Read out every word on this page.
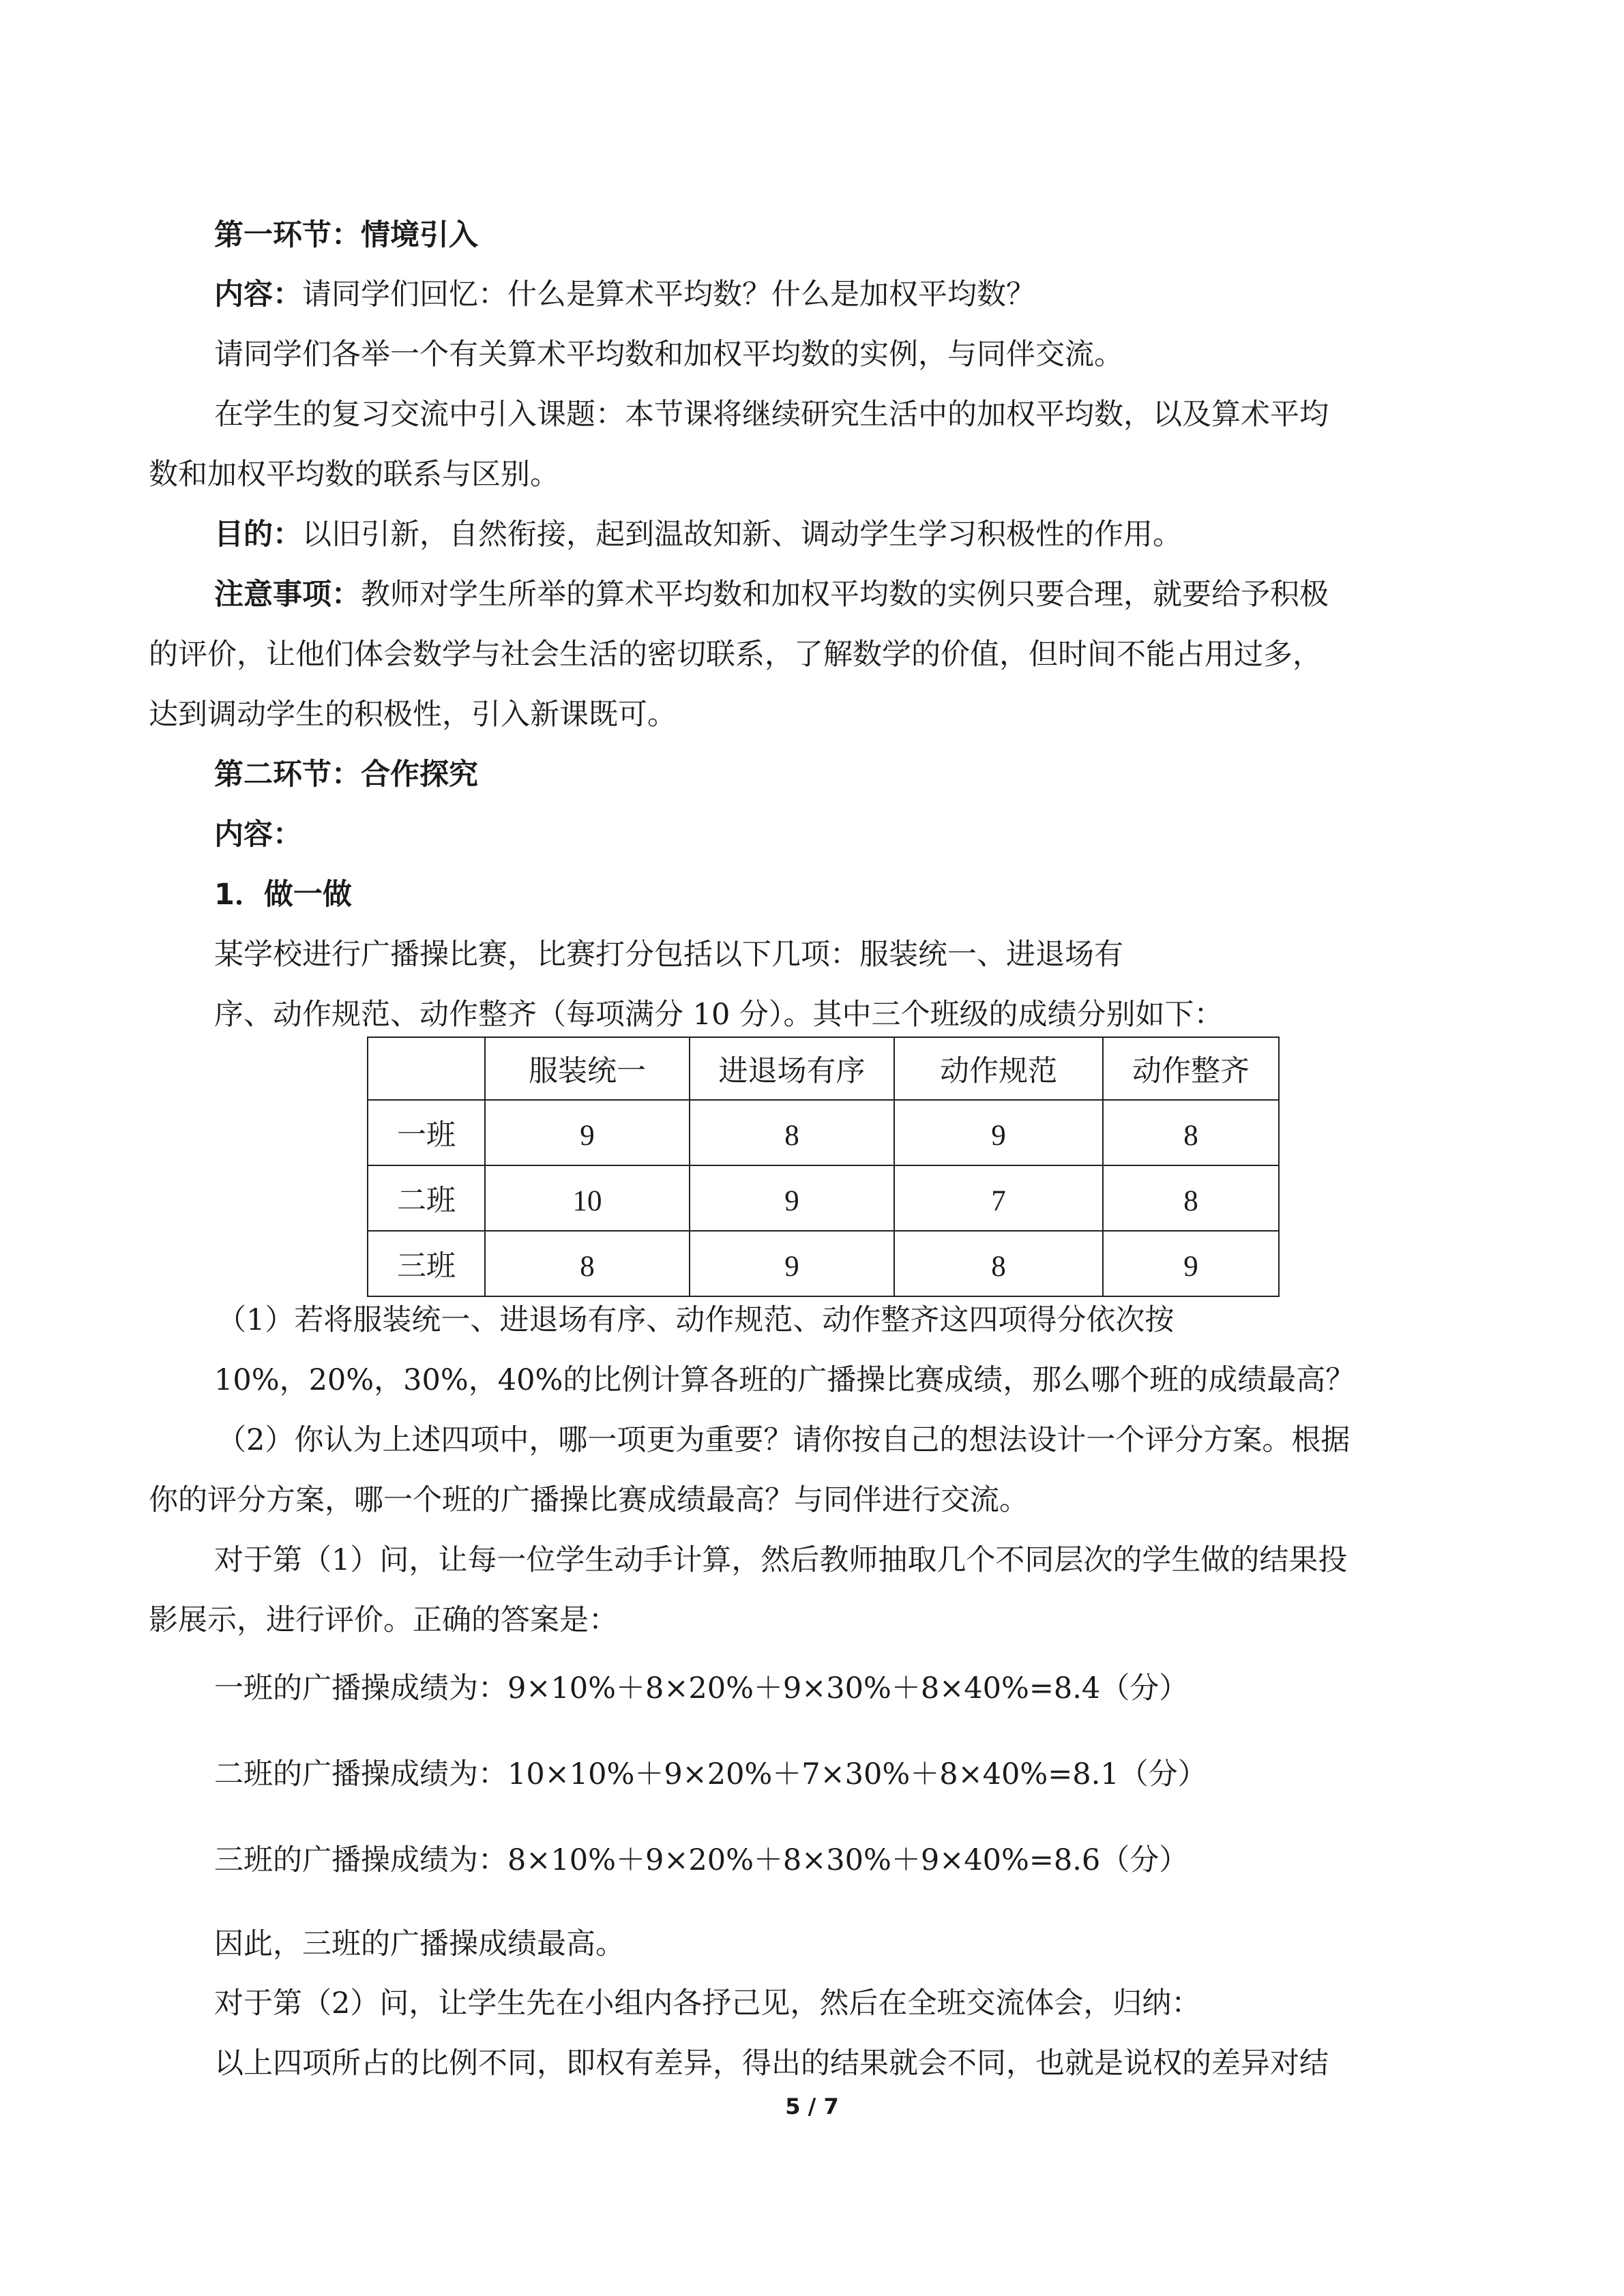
第一环节：情境引入
内容：请同学们回忆：什么是算术平均数？什么是加权平均数？
请同学们各举一个有关算术平均数和加权平均数的实例，与同伴交流。
在学生的复习交流中引入课题：本节课将继续研究生活中的加权平均数，以及算术平均
数和加权平均数的联系与区别。
目的：以旧引新，自然衔接，起到温故知新、调动学生学习积极性的作用。
注意事项：教师对学生所举的算术平均数和加权平均数的实例只要合理，就要给予积极
的评价，让他们体会数学与社会生活的密切联系，了解数学的价值，但时间不能占用过多，
达到调动学生的积极性，引入新课既可。
第二环节：合作探究
内容：
1．做一做
某学校进行广播操比赛，比赛打分包括以下几项：服装统一、进退场有
序、动作规范、动作整齐（每项满分 10 分）。其中三个班级的成绩分别如下：
	服装统一	进退场有序	动作规范	动作整齐
一班	9	8	9	8
二班	10	9	7	8
三班	8	9	8	9
（1）若将服装统一、进退场有序、动作规范、动作整齐这四项得分依次按
10%，20%，30%，40%的比例计算各班的广播操比赛成绩，那么哪个班的成绩最高？
（2）你认为上述四项中，哪一项更为重要？请你按自己的想法设计一个评分方案。根据
你的评分方案，哪一个班的广播操比赛成绩最高？与同伴进行交流。
对于第（1）问，让每一位学生动手计算，然后教师抽取几个不同层次的学生做的结果投
影展示，进行评价。正确的答案是：
一班的广播操成绩为：9×10%＋8×20%＋9×30%＋8×40%=8.4（分）
二班的广播操成绩为：10×10%＋9×20%＋7×30%＋8×40%=8.1（分）
三班的广播操成绩为：8×10%＋9×20%＋8×30%＋9×40%=8.6（分）
因此，三班的广播操成绩最高。
对于第（2）问，让学生先在小组内各抒己见，然后在全班交流体会，归纳：
以上四项所占的比例不同，即权有差异，得出的结果就会不同，也就是说权的差异对结
5 / 7
